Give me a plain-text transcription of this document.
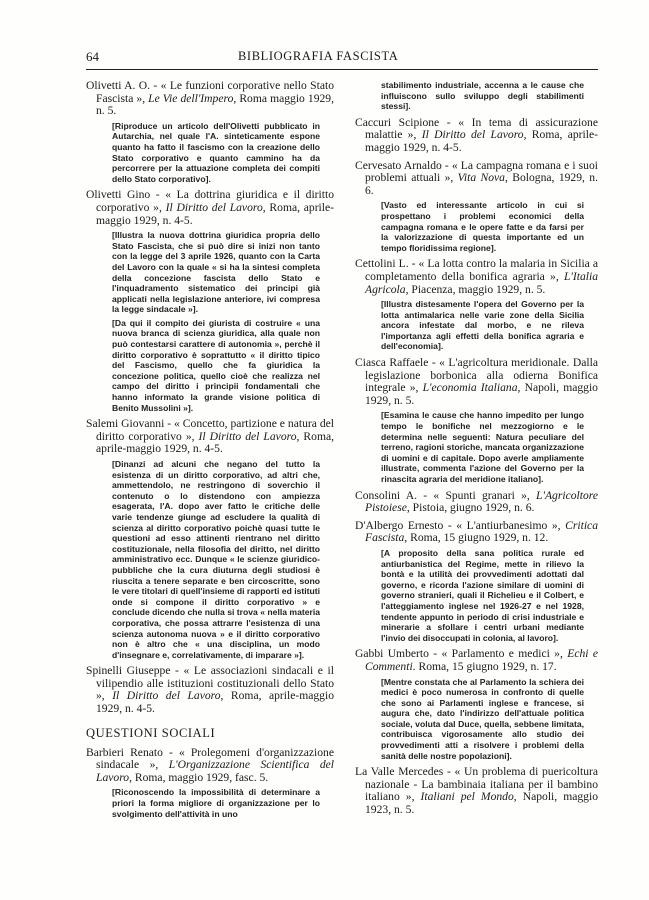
64	BIBLIOGRAFIA FASCISTA
Olivetti A. O. - « Le funzioni corporative nello Stato Fascista », Le Vie dell'Impero, Roma maggio 1929, n. 5.
[Riproduce un articolo dell'Olivetti pubblicato in Autarchia, nel quale l'A. sinteticamente espone quanto ha fatto il fascismo con la creazione dello Stato corporativo e quanto cammino ha da percorrere per la attuazione completa dei compiti dello Stato corporativo].
Olivetti Gino - « La dottrina giuridica e il diritto corporativo », Il Diritto del Lavoro, Roma, aprile-maggio 1929, n. 4-5.
[Illustra la nuova dottrina giuridica propria dello Stato Fascista, che si può dire si inizi non tanto con la legge del 3 aprile 1926, quanto con la Carta del Lavoro con la quale « si ha la sintesi completa della concezione fascista dello Stato e l'inquadramento sistematico dei principi già applicati nella legislazione anteriore, ivi compresa la legge sindacale »].
[Da qui il compito dei giurista di costruire « una nuova branca di scienza giuridica, alla quale non può contestarsi carattere di autonomia », perchè il diritto corporativo è soprattutto « il diritto tipico del Fascismo, quello che fa giuridica la concezione politica, quello cioè che realizza nel campo del diritto i principii fondamentali che hanno informato la grande visione politica di Benito Mussolini »].
Salemi Giovanni - « Concetto, partizione e natura del diritto corporativo », Il Diritto del Lavoro, Roma, aprile-maggio 1929, n. 4-5.
[Dinanzi ad alcuni che negano del tutto la esistenza di un diritto corporativo, ad altri che, ammettendolo, ne restringono di soverchio il contenuto o lo distendono con ampiezza esagerata, l'A. dopo aver fatto le critiche delle varie tendenze giunge ad escludere la qualità di scienza al diritto corporativo poichè quasi tutte le questioni ad esso attinenti rientrano nel diritto costituzionale, nella filosofia del diritto, nel diritto amministrativo ecc. Dunque « le scienze giuridico-pubbliche che la cura diuturna degli studiosi è riuscita a tenere separate e ben circoscritte, sono le vere titolari di quell'insieme di rapporti ed istituti onde si compone il diritto corporativo » e conclude dicendo che nulla si trova « nella materia corporativa, che possa attrarre l'esistenza di una scienza autonoma nuova » e il diritto corporativo non è altro che « una disciplina, un modo d'insegnare e, correlativamente, di imparare »].
Spinelli Giuseppe - « Le associazioni sindacali e il vilipendio alle istituzioni costituzionali dello Stato », Il Diritto del Lavoro, Roma, aprile-maggio 1929, n. 4-5.
QUESTIONI SOCIALI
Barbieri Renato - « Prolegomeni d'organizzazione sindacale », L'Organizzazione Scientifica del Lavoro, Roma, maggio 1929, fasc. 5.
[Riconoscendo la impossibilità di determinare a priori la forma migliore di organizzazione per lo svolgimento dell'attività in uno
stabilimento industriale, accenna a le cause che influiscono sullo sviluppo degli stabilimenti stessi].
Caccuri Scipione - « In tema di assicurazione malattie », Il Diritto del Lavoro, Roma, aprile-maggio 1929, n. 4-5.
Cervesato Arnaldo - « La campagna romana e i suoi problemi attuali », Vita Nova, Bologna, 1929, n. 6.
[Vasto ed interessante articolo in cui si prospettano i problemi economici della campagna romana e le opere fatte e da farsi per la valorizzazione di questa importante ed un tempo floridissima regione].
Cettolini L. - « La lotta contro la malaria in Sicilia a completamento della bonifica agraria », L'Italia Agricola, Piacenza, maggio 1929, n. 5.
[Illustra distesamente l'opera del Governo per la lotta antimalarica nelle varie zone della Sicilia ancora infestate dal morbo, e ne rileva l'importanza agli effetti della bonifica agraria e dell'economia].
Ciasca Raffaele - « L'agricoltura meridionale. Dalla legislazione borbonica alla odierna Bonifica integrale », L'economia Italiana, Napoli, maggio 1929, n. 5.
[Esamina le cause che hanno impedito per lungo tempo le bonifiche nel mezzogiorno e le determina nelle seguenti: Natura peculiare del terreno, ragioni storiche, mancata organizzazione di uomini e di capitale. Dopo averle ampliamente illustrate, commenta l'azione del Governo per la rinascita agraria del meridione italiano].
Consolini A. - « Spunti granari », L'Agricoltore Pistoiese, Pistoia, giugno 1929, n. 6.
D'Albergo Ernesto - « L'antiurbanesimo », Critica Fascista, Roma, 15 giugno 1929, n. 12.
[A proposito della sana politica rurale ed antiurbanistica del Regime, mette in rilievo la bontà e la utilità dei provvedimenti adottati dal governo, e ricorda l'azione similare di uomini di governo stranieri, quali il Richelieu e il Colbert, e l'atteggiamento inglese nel 1926-27 e nel 1928, tendente appunto in periodo di crisi industriale e minerarie a sfollare i centri urbani mediante l'invio dei disoccupati in colonia, al lavoro].
Gabbi Umberto - « Parlamento e medici », Echi e Commenti. Roma, 15 giugno 1929, n. 17.
[Mentre constata che al Parlamento la schiera dei medici è poco numerosa in confronto di quelle che sono ai Parlamenti inglese e francese, si augura che, dato l'indirizzo dell'attuale politica sociale, voluta dal Duce, quella, sebbene limitata, contribuisca vigorosamente allo studio dei provvedimenti atti a risolvere i problemi della sanità delle nostre popolazioni].
La Valle Mercedes - « Un problema di puericoltura nazionale - La bambinaia italiana per il bambino italiano », Italiani pel Mondo, Napoli, maggio 1923, n. 5.
